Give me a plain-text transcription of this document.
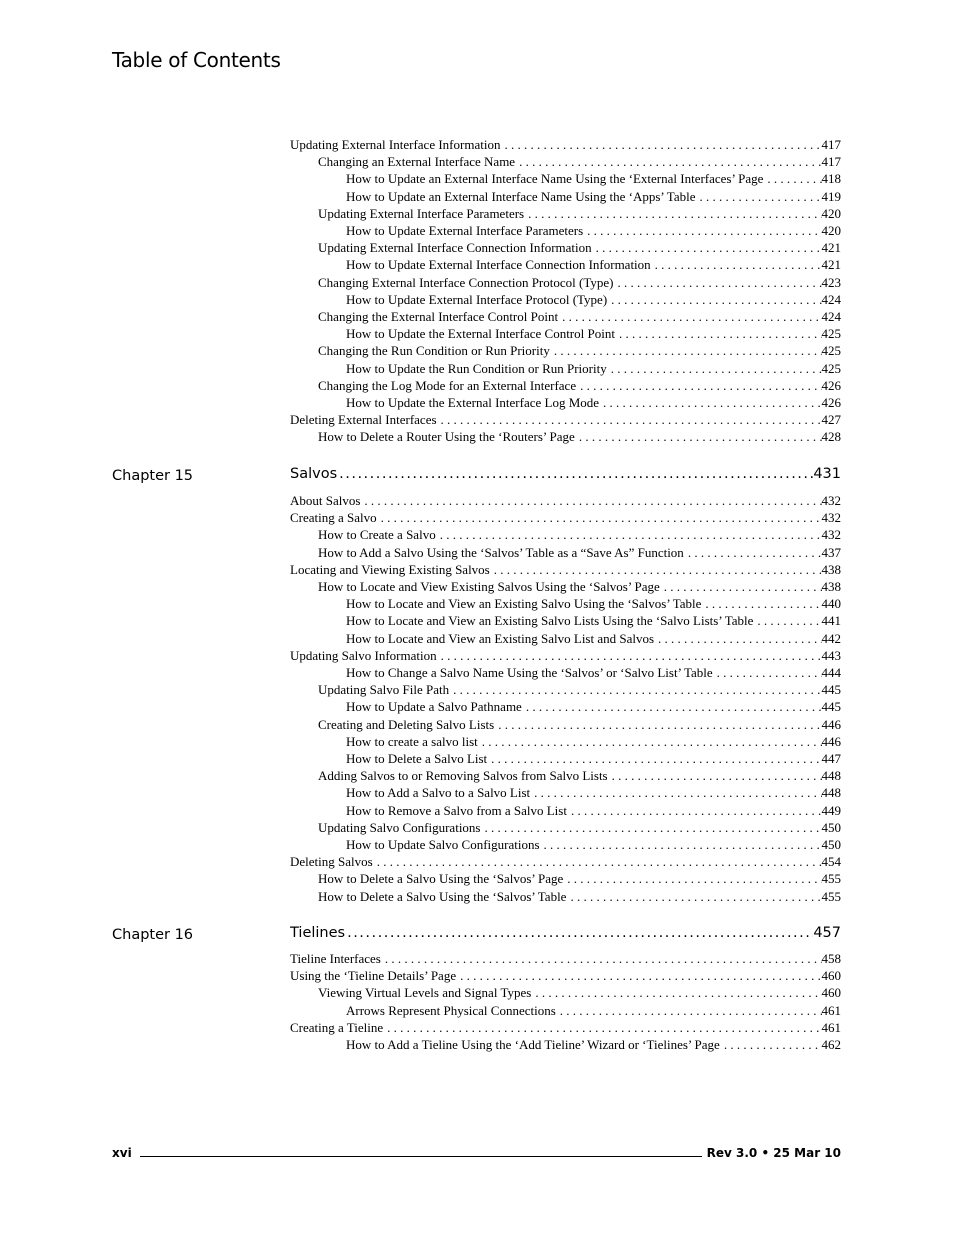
Table of Contents
Updating External Interface Information . . .	417
Changing an External Interface Name . . .	417
How to Update an External Interface Name Using the ‘External Interfaces’ Page . . .	418
How to Update an External Interface Name Using the ‘Apps’ Table . . .	419
Updating External Interface Parameters . . .	420
How to Update External Interface Parameters . . .	420
Updating External Interface Connection Information . . .	421
How to Update External Interface Connection Information . . .	421
Changing External Interface Connection Protocol (Type) . . .	423
How to Update External Interface Protocol (Type) . . .	424
Changing the External Interface Control Point . . .	424
How to Update the External Interface Control Point . . .	425
Changing the Run Condition or Run Priority . . .	425
How to Update the Run Condition or Run Priority . . .	425
Changing the Log Mode for an External Interface . . .	426
How to Update the External Interface Log Mode . . .	426
Deleting External Interfaces . . .	427
How to Delete a Router Using the ‘Routers’ Page . . .	428
Chapter 15	Salvos .....	431
About Salvos . . .	432
Creating a Salvo . . .	432
How to Create a Salvo . . .	432
How to Add a Salvo Using the ‘Salvos’ Table as a “Save As” Function . . .	437
Locating and Viewing Existing Salvos . . .	438
How to Locate and View Existing Salvos Using the ‘Salvos’ Page . . .	438
How to Locate and View an Existing Salvo Using the ‘Salvos’ Table . . .	440
How to Locate and View an Existing Salvo Lists Using the ‘Salvo Lists’ Table . . .	441
How to Locate and View an Existing Salvo List and Salvos . . .	442
Updating Salvo Information . . .	443
How to Change a Salvo Name Using the ‘Salvos’ or ‘Salvo List’ Table . . .	444
Updating Salvo File Path . . .	445
How to Update a Salvo Pathname . . .	445
Creating and Deleting Salvo Lists . . .	446
How to create a salvo list . . .	446
How to Delete a Salvo List . . .	447
Adding Salvos to or Removing Salvos from Salvo Lists . . .	448
How to Add a Salvo to a Salvo List . . .	448
How to Remove a Salvo from a Salvo List . . .	449
Updating Salvo Configurations . . .	450
How to Update Salvo Configurations . . .	450
Deleting Salvos . . .	454
How to Delete a Salvo Using the ‘Salvos’ Page . . .	455
How to Delete a Salvo Using the ‘Salvos’ Table . . .	455
Chapter 16	Tielines .....	457
Tieline Interfaces . . .	458
Using the ‘Tieline Details’ Page . . .	460
Viewing Virtual Levels and Signal Types . . .	460
Arrows Represent Physical Connections . . .	461
Creating a Tieline . . .	461
How to Add a Tieline Using the ‘Add Tieline’ Wizard or ‘Tielines’ Page . . .	462
xvi	Rev 3.0 • 25 Mar 10
